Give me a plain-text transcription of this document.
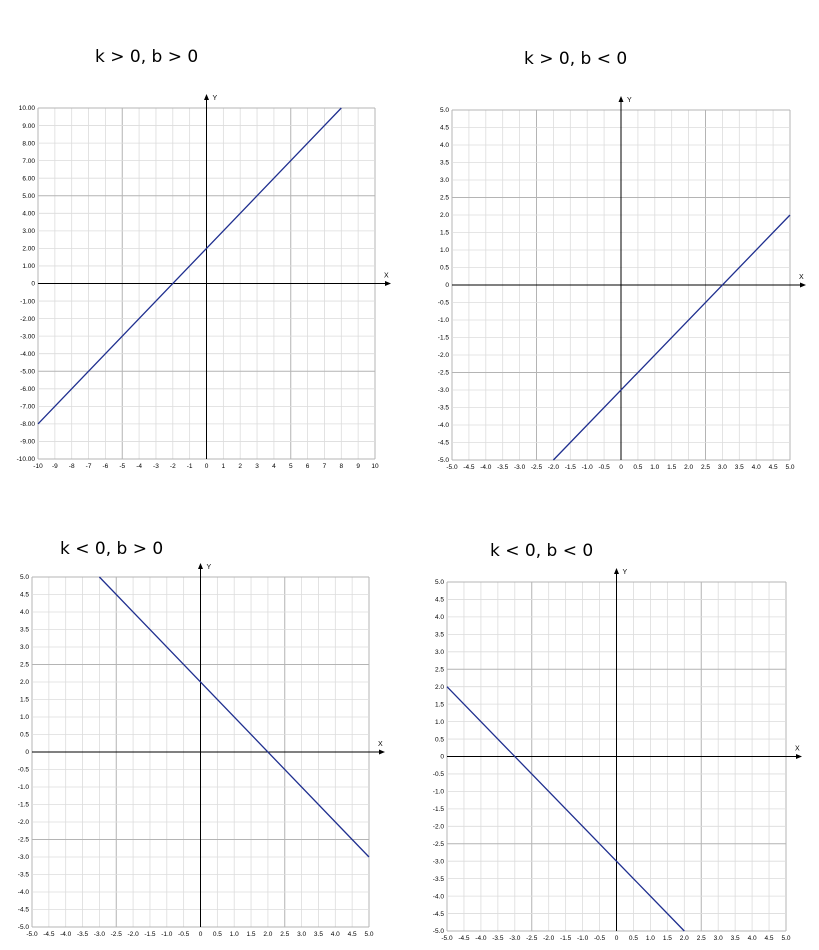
k > 0, b > 0
X
Y
-10 -9 -8 -7 -6 -5 -4 -3 -2 -1 0 1 2 3 4 5 6 7 8 9 10
10.00
9.00
8.00
7.00
6.00
5.00
4.00
3.00
2.00
1.00
0
-1.00
-2.00
-3.00
-4.00
-5.00
-6.00
-7.00
-8.00
-9.00
-10.00
k > 0, b < 0
X
Y
-5.0 -4.5 -4.0 -3.5 -3.0 -2.5 -2.0 -1.5 -1.0 -0.5 0 0.5 1.0 1.5 2.0 2.5 3.0 3.5 4.0 4.5 5.0
5.0
4.5
4.0
3.5
3.0
2.5
2.0
1.5
1.0
0.5
0
-0.5
-1.0
-1.5
-2.0
-2.5
-3.0
-3.5
-4.0
-4.5
-5.0
k < 0, b > 0
X
Y
-5.0 -4.5 -4.0 -3.5 -3.0 -2.5 -2.0 -1.5 -1.0 -0.5 0 0.5 1.0 1.5 2.0 2.5 3.0 3.5 4.0 4.5 5.0
5.0
4.5
4.0
3.5
3.0
2.5
2.0
1.5
1.0
0.5
0
-0.5
-1.0
-1.5
-2.0
-2.5
-3.0
-3.5
-4.0
-4.5
-5.0
k < 0, b < 0
X
Y
-5.0 -4.5 -4.0 -3.5 -3.0 -2.5 -2.0 -1.5 -1.0 -0.5 0 0.5 1.0 1.5 2.0 2.5 3.0 3.5 4.0 4.5 5.0
5.0
4.5
4.0
3.5
3.0
2.5
2.0
1.5
1.0
0.5
0
-0.5
-1.0
-1.5
-2.0
-2.5
-3.0
-3.5
-4.0
-4.5
-5.0
